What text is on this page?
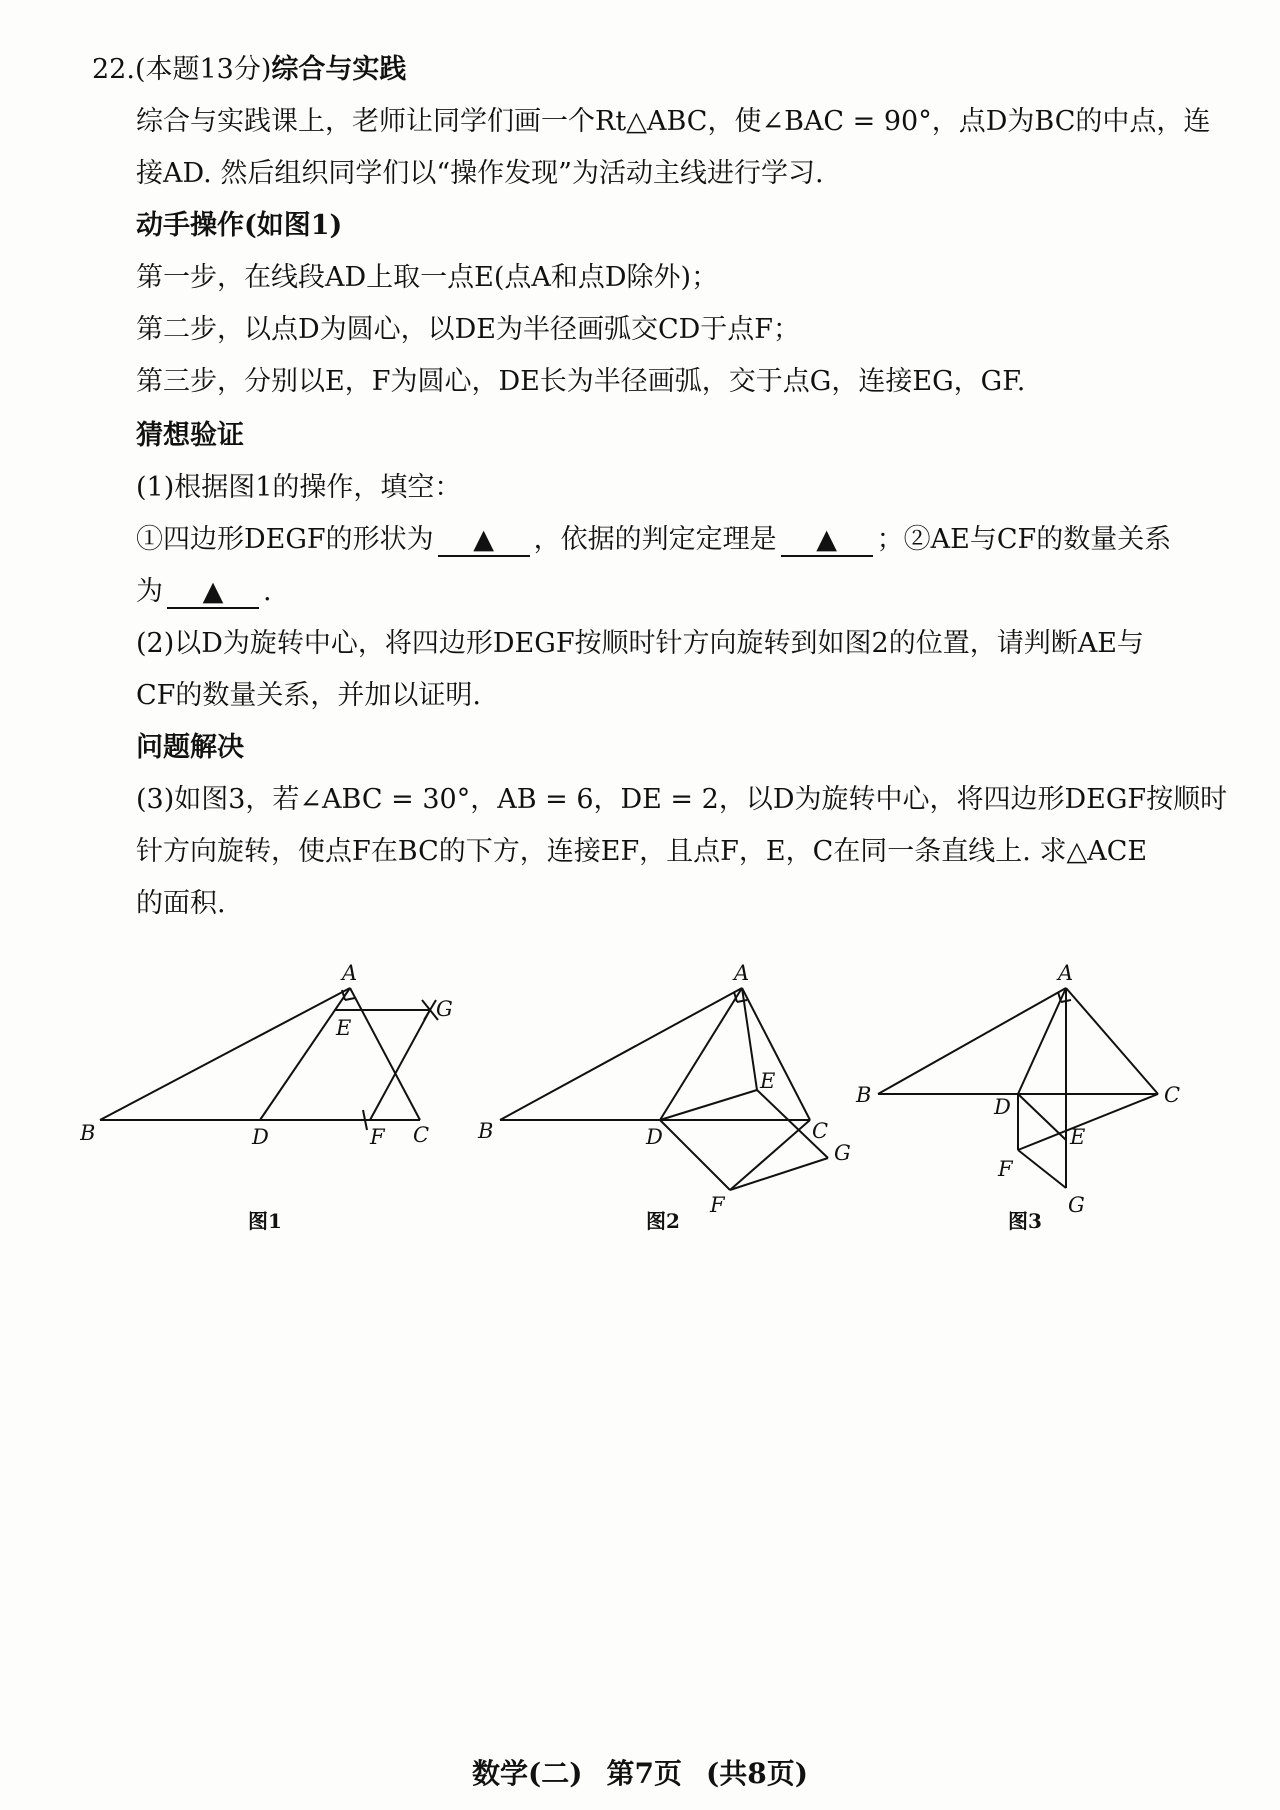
22.(本题13分)综合与实践
综合与实践课上，老师让同学们画一个Rt△ABC，使∠BAC = 90°，点D为BC的中点，连
接AD. 然后组织同学们以“操作发现”为活动主线进行学习.
动手操作(如图1)
第一步，在线段AD上取一点E(点A和点D除外)；
第二步，以点D为圆心，以DE为半径画弧交CD于点F；
第三步，分别以E，F为圆心，DE长为半径画弧，交于点G，连接EG，GF.
猜想验证
(1)根据图1的操作，填空：
①四边形DEGF的形状为 ▲ ，依据的判定定理是 ▲ ；②AE与CF的数量关系
为 ▲ .
(2)以D为旋转中心，将四边形DEGF按顺时针方向旋转到如图2的位置，请判断AE与
CF的数量关系，并加以证明.
问题解决
(3)如图3，若∠ABC = 30°，AB = 6，DE = 2，以D为旋转中心，将四边形DEGF按顺时
针方向旋转，使点F在BC的下方，连接EF，且点F，E，C在同一条直线上. 求△ACE
的面积.
A
B	C
D
E
F
G
图1
A
B	C
D
E
F
G
图2
A
B	C
D
E
F
G
图3
数学(二) 第7页 (共8页)
